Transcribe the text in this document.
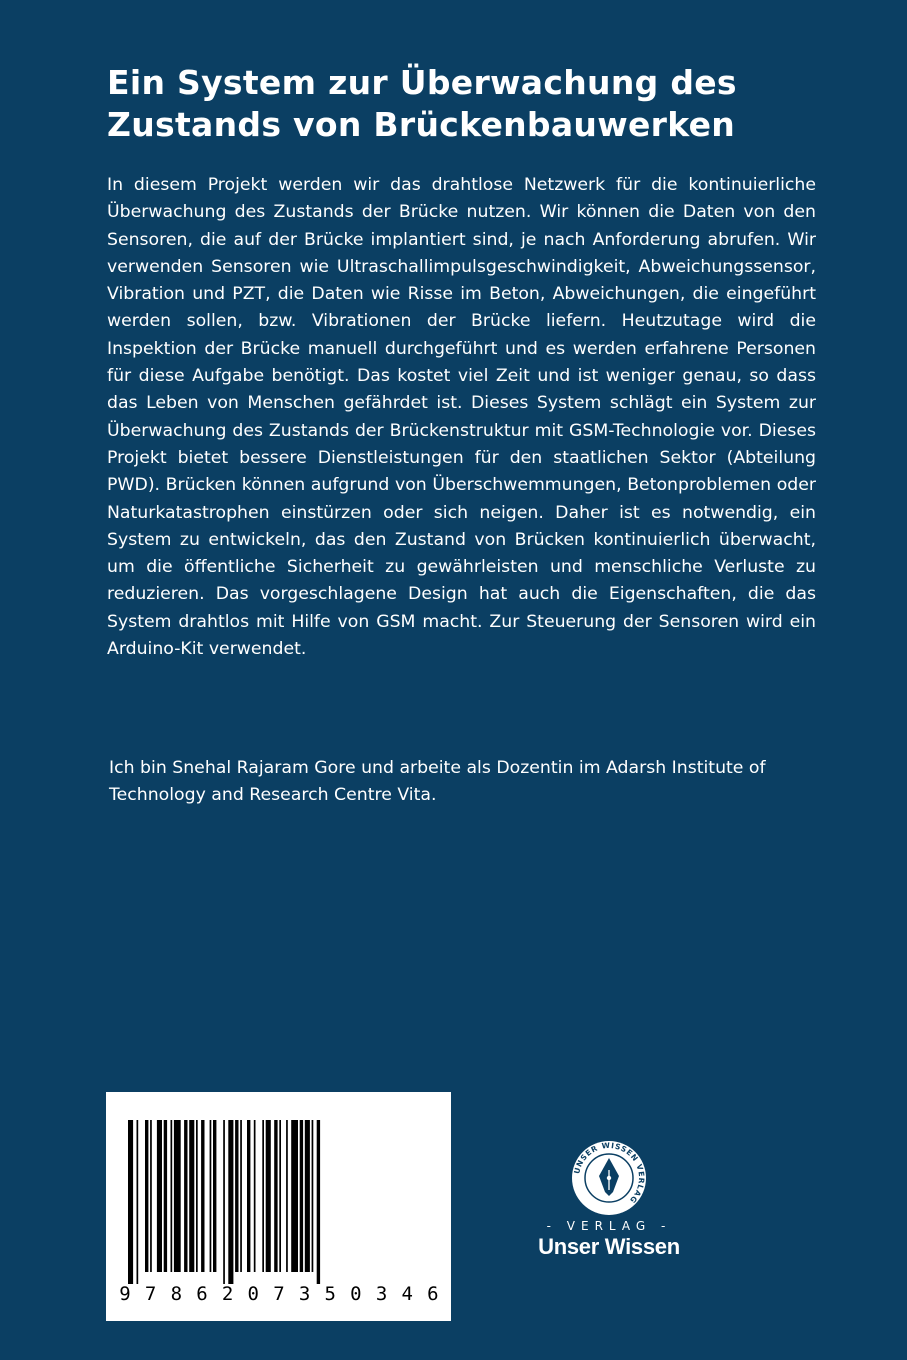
Ein System zur Überwachung des
Zustands von Brückenbauwerken

In diesem Projekt werden wir das drahtlose Netzwerk für die kontinuierliche Überwachung des Zustands der Brücke nutzen. Wir können die Daten von den Sensoren, die auf der Brücke implantiert sind, je nach Anforderung abrufen. Wir verwenden Sensoren wie Ultraschallimpulsgeschwindigkeit, Abweichungssensor, Vibration und PZT, die Daten wie Risse im Beton, Abweichungen, die eingeführt werden sollen, bzw. Vibrationen der Brücke liefern. Heutzutage wird die Inspektion der Brücke manuell durchgeführt und es werden erfahrene Personen für diese Aufgabe benötigt. Das kostet viel Zeit und ist weniger genau, so dass das Leben von Menschen gefährdet ist. Dieses System schlägt ein System zur Überwachung des Zustands der Brückenstruktur mit GSM-Technologie vor. Dieses Projekt bietet bessere Dienstleistungen für den staatlichen Sektor (Abteilung PWD). Brücken können aufgrund von Überschwemmungen, Betonproblemen oder Naturkatastrophen einstürzen oder sich neigen. Daher ist es notwendig, ein System zu entwickeln, das den Zustand von Brücken kontinuierlich überwacht, um die öffentliche Sicherheit zu gewährleisten und menschliche Verluste zu reduzieren. Das vorgeschlagene Design hat auch die Eigenschaften, die das System drahtlos mit Hilfe von GSM macht. Zur Steuerung der Sensoren wird ein Arduino-Kit verwendet.

Ich bin Snehal Rajaram Gore und arbeite als Dozentin im Adarsh Institute of Technology and Research Centre Vita.

9 7 8 6 2 0 7 3 5 0 3 4 6
UNSER WISSEN VERLAG
- VERLAG -
Unser Wissen
